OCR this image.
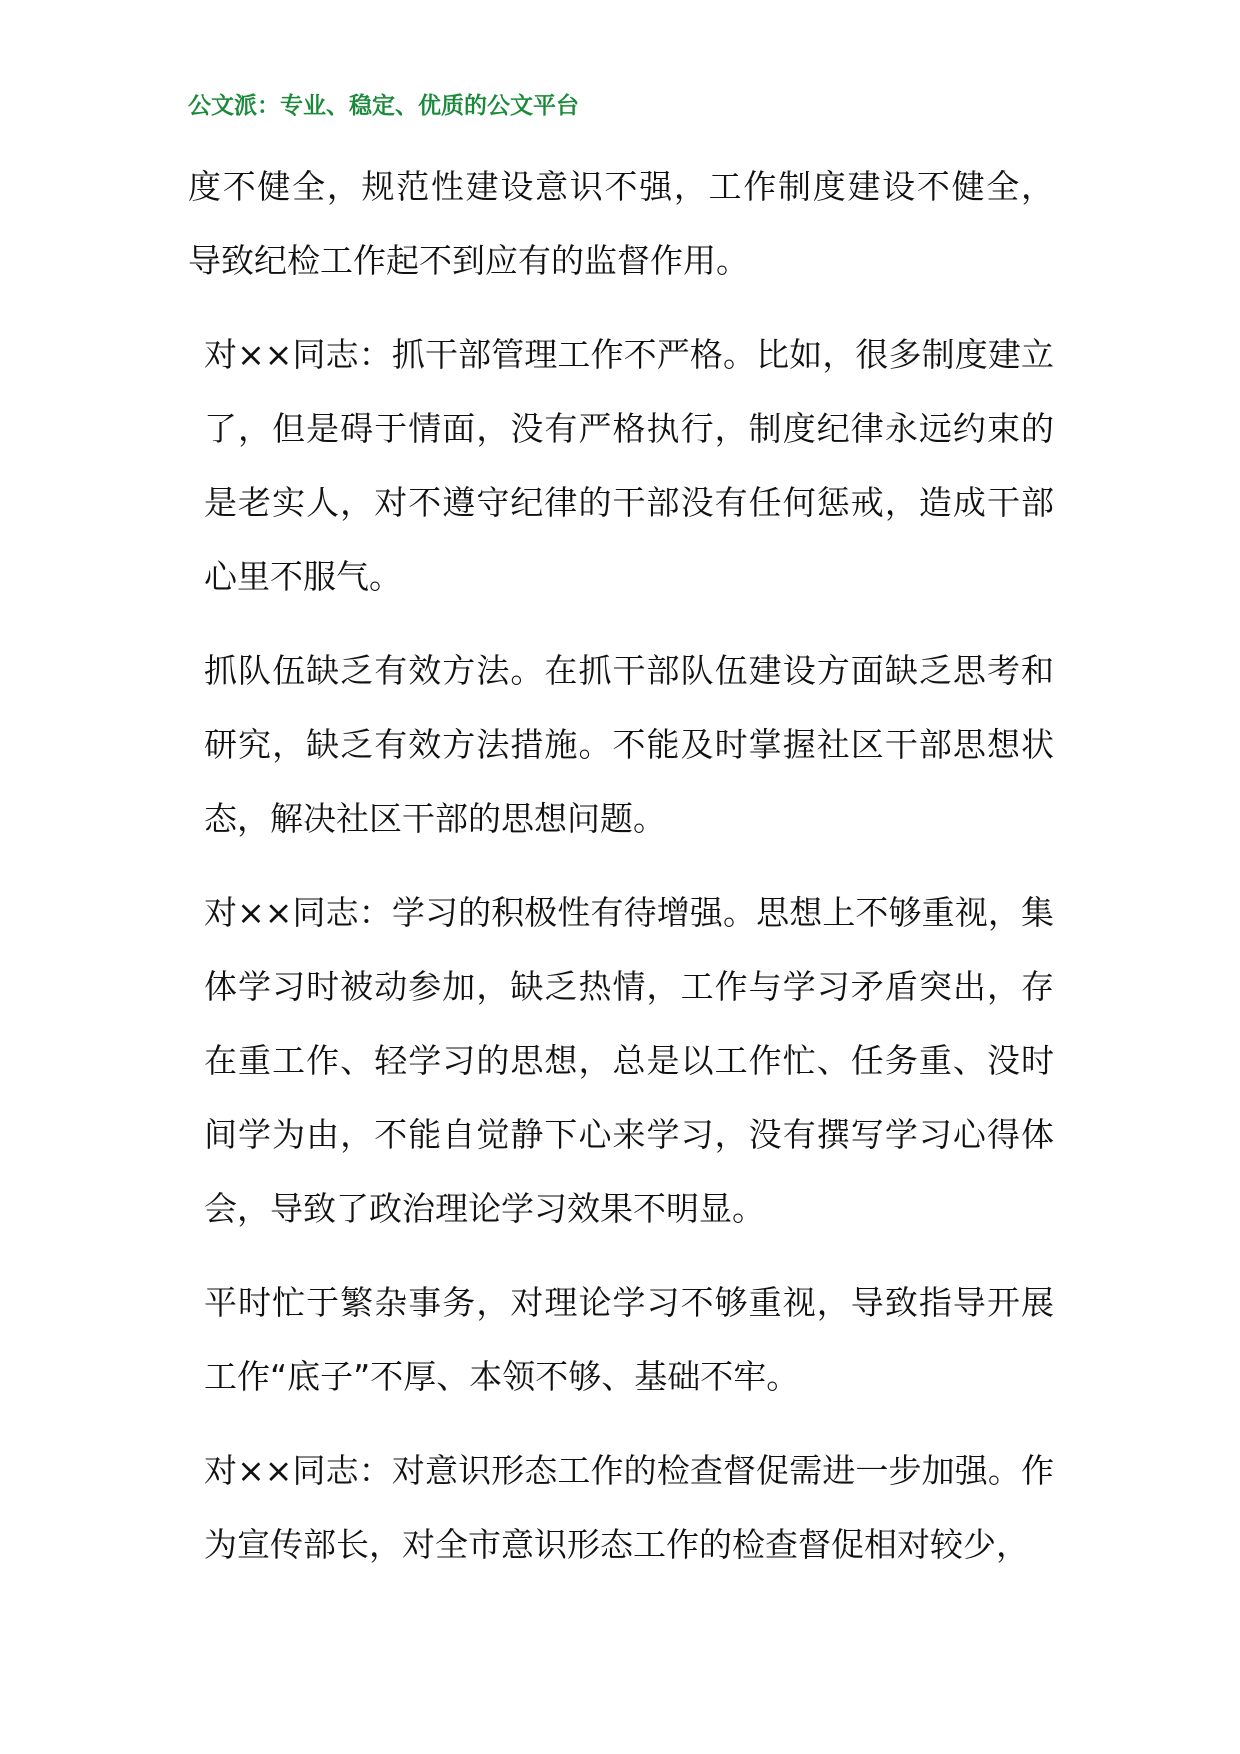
公文派：专业、稳定、优质的公文平台
度不健全，规范性建设意识不强，工作制度建设不健全，
导致纪检工作起不到应有的监督作用。
对××同志：抓干部管理工作不严格。比如，很多制度建立
了，但是碍于情面，没有严格执行，制度纪律永远约束的
是老实人，对不遵守纪律的干部没有任何惩戒，造成干部
心里不服气。
抓队伍缺乏有效方法。在抓干部队伍建设方面缺乏思考和
研究，缺乏有效方法措施。不能及时掌握社区干部思想状
态，解决社区干部的思想问题。
对××同志：学习的积极性有待增强。思想上不够重视，集
体学习时被动参加，缺乏热情，工作与学习矛盾突出，存
在重工作、轻学习的思想，总是以工作忙、任务重、没时
间学为由，不能自觉静下心来学习，没有撰写学习心得体
会，导致了政治理论学习效果不明显。
平时忙于繁杂事务，对理论学习不够重视，导致指导开展
工作“底子”不厚、本领不够、基础不牢。
对××同志：对意识形态工作的检查督促需进一步加强。作
为宣传部长，对全市意识形态工作的检查督促相对较少，
